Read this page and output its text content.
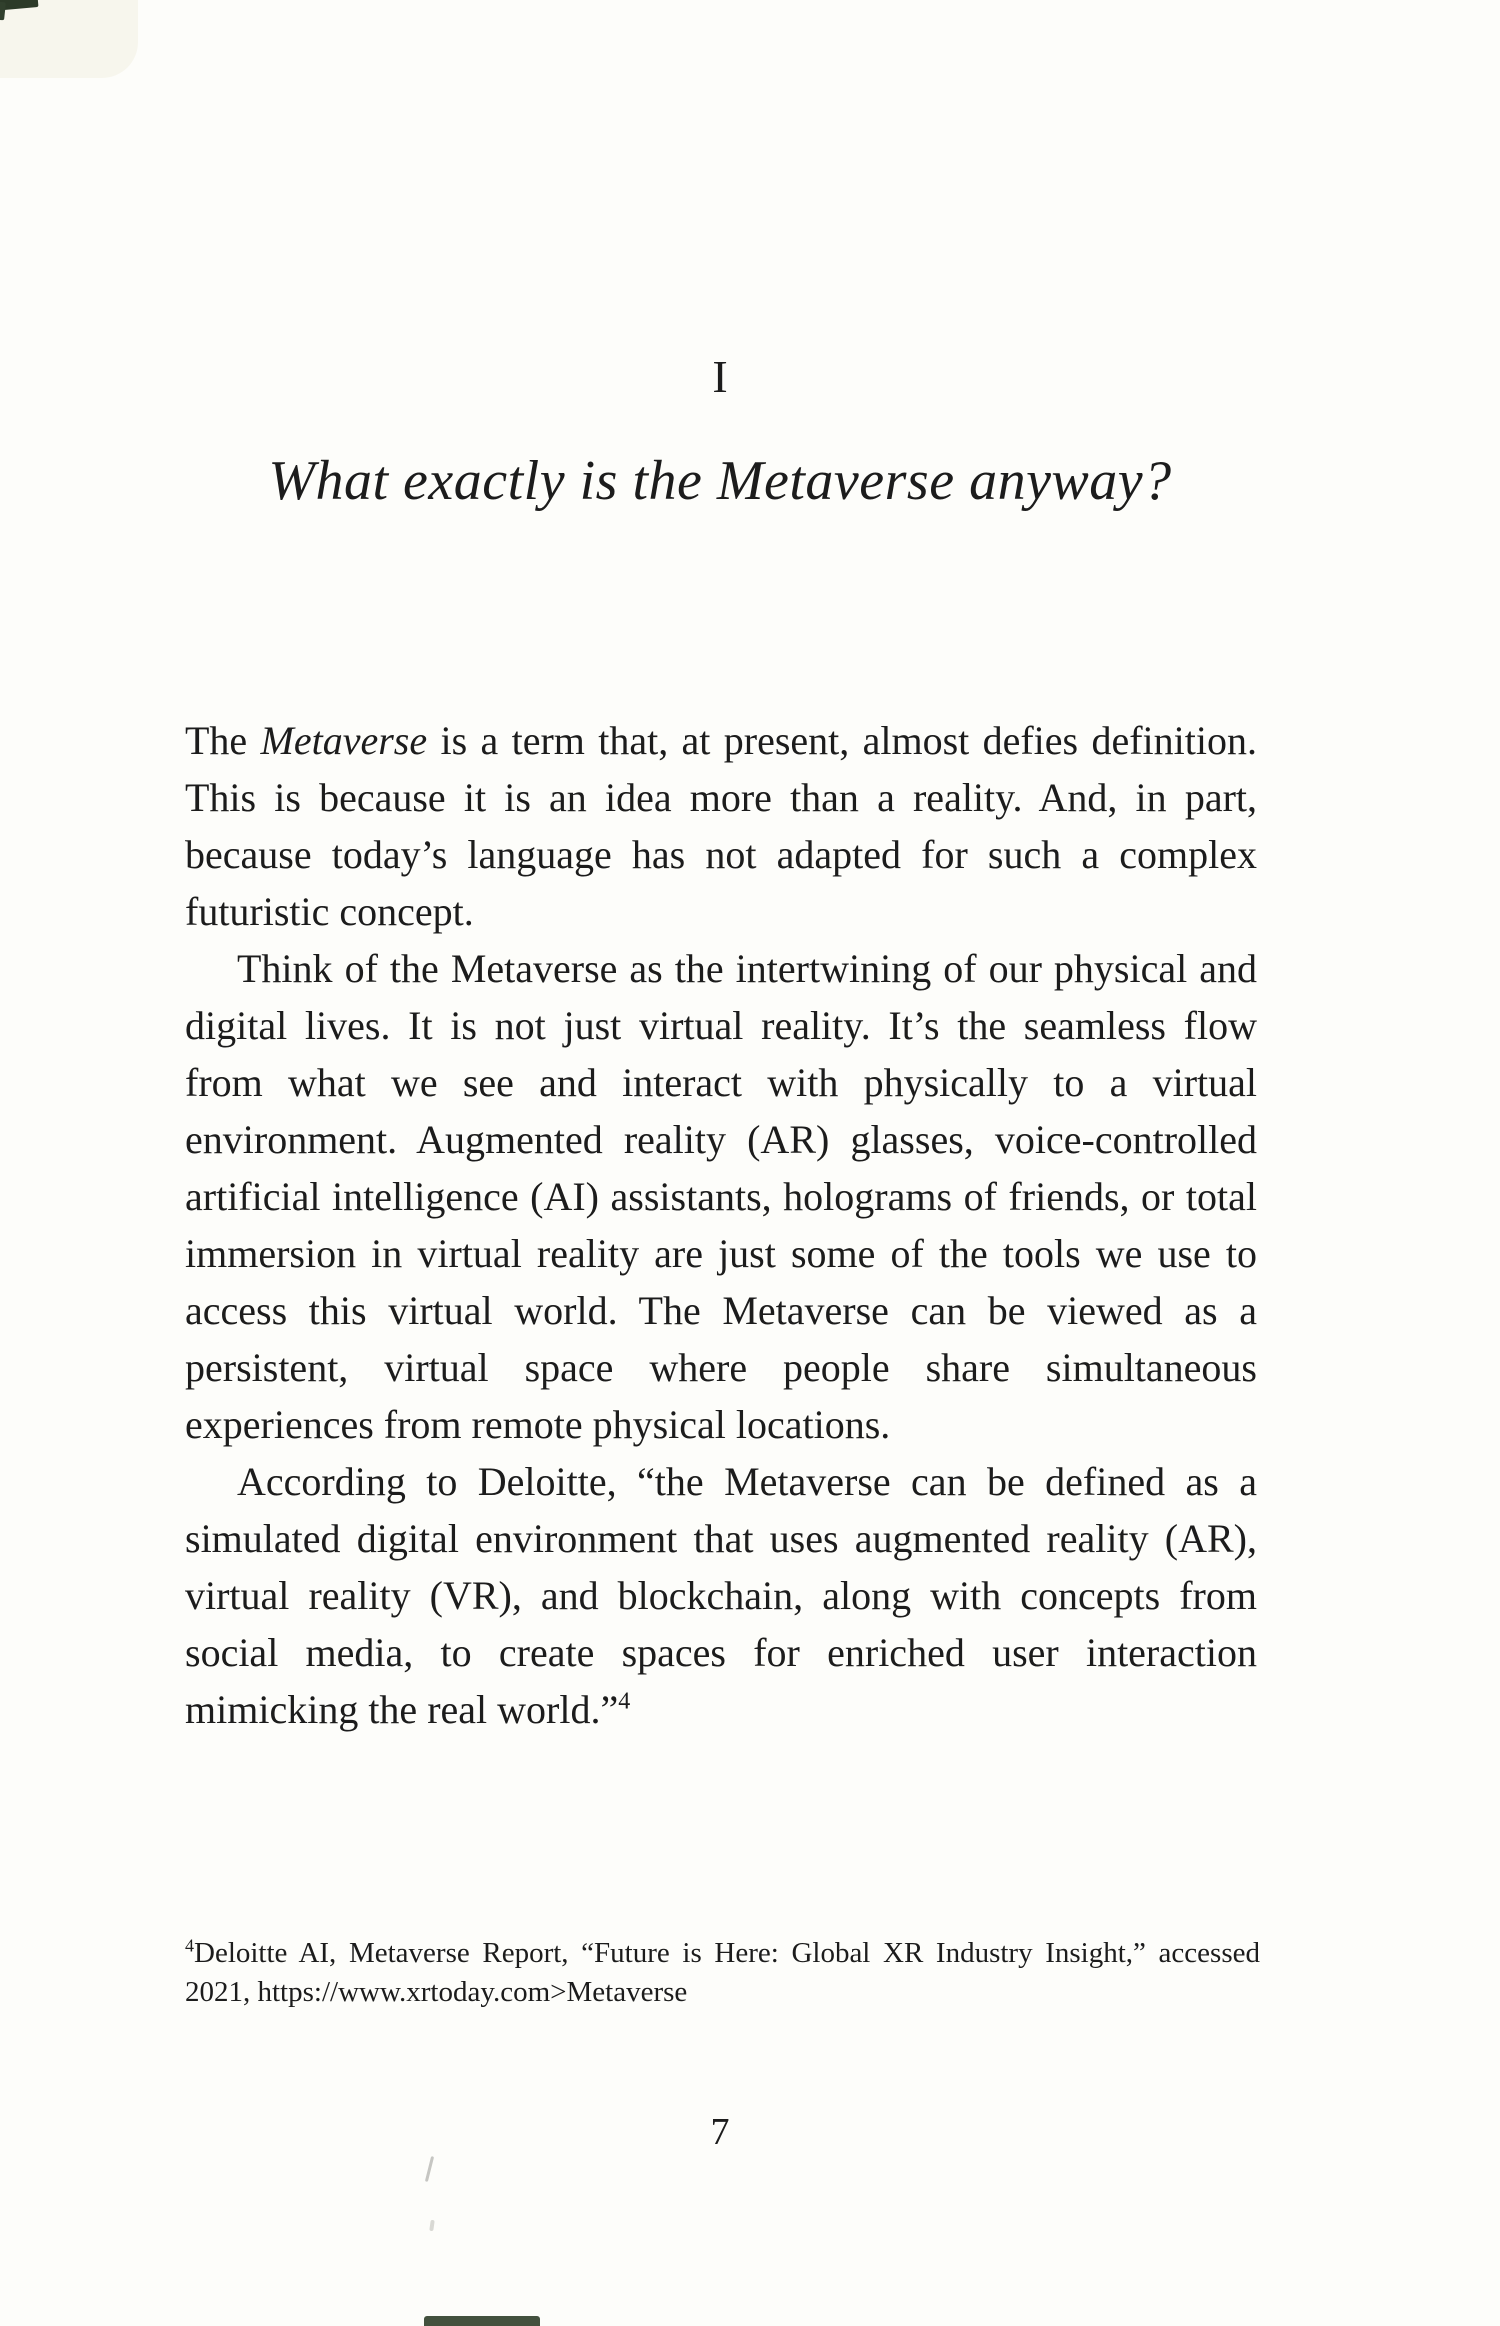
I
What exactly is the Metaverse anyway?

The Metaverse is a term that, at present, almost defies definition. This is because it is an idea more than a reality. And, in part, because today’s language has not adapted for such a complex futuristic concept.

Think of the Metaverse as the intertwining of our physical and digital lives. It is not just virtual reality. It’s the seamless flow from what we see and interact with physically to a virtual environment. Augmented reality (AR) glasses, voice-controlled artificial intelligence (AI) assistants, holograms of friends, or total immersion in virtual reality are just some of the tools we use to access this virtual world. The Metaverse can be viewed as a persistent, virtual space where people share simultaneous experiences from remote physical locations.

According to Deloitte, “the Metaverse can be defined as a simulated digital environment that uses augmented reality (AR), virtual reality (VR), and blockchain, along with concepts from social media, to create spaces for enriched user interaction mimicking the real world.”$^4$

$^4$Deloitte AI, Metaverse Report, “Future is Here: Global XR Industry Insight,” accessed 2021, https://www.xrtoday.com>Metaverse
7
